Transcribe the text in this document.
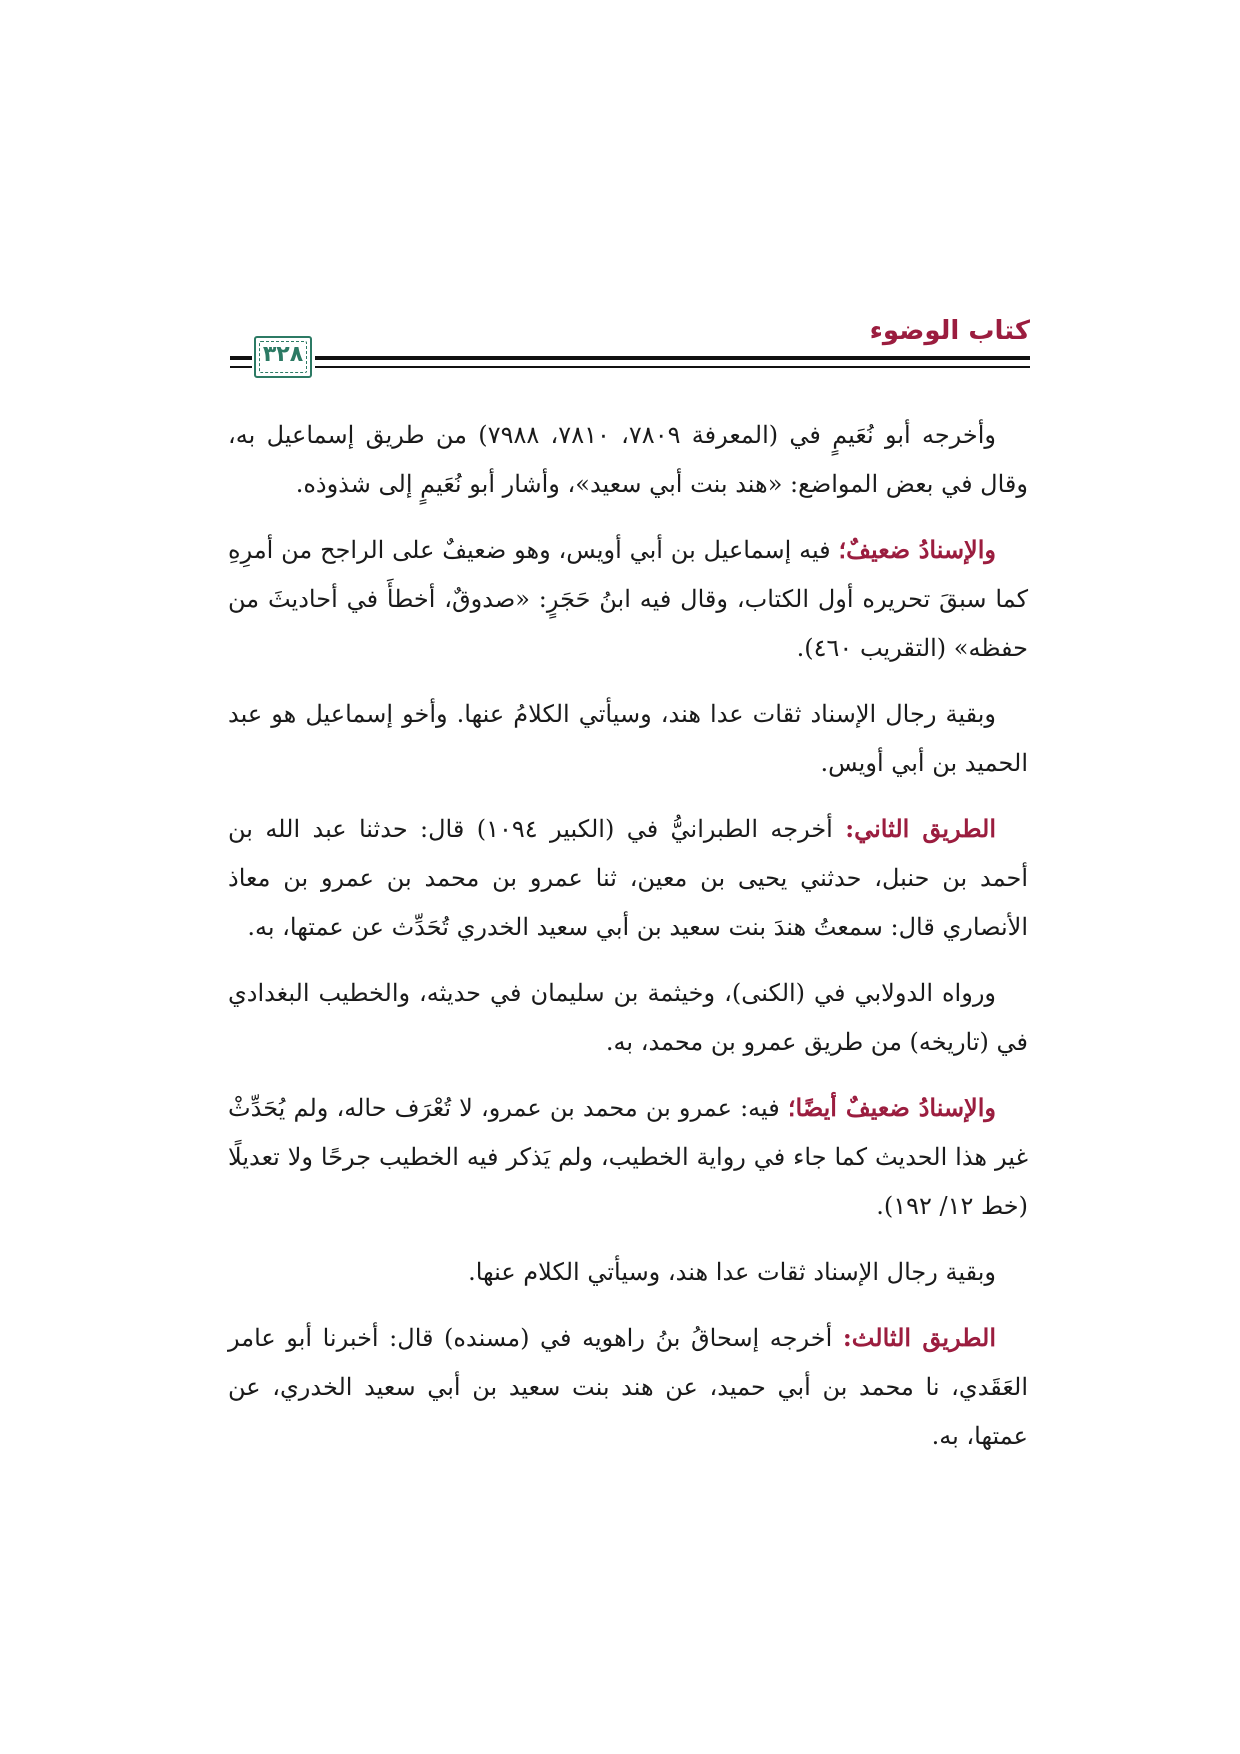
كتاب الوضوء
٣٢٨

وأخرجه أبو نُعَيمٍ في (المعرفة ٧٨٠٩، ٧٨١٠، ٧٩٨٨) من طريق إسماعيل به، وقال في بعض المواضع: «هند بنت أبي سعيد»، وأشار أبو نُعَيمٍ إلى شذوذه.

والإسنادُ ضعيفٌ؛ فيه إسماعيل بن أبي أويس، وهو ضعيفٌ على الراجح من أمرِهِ كما سبقَ تحريره أول الكتاب، وقال فيه ابنُ حَجَرٍ: «صدوقٌ، أخطأَ في أحاديثَ من حفظه» (التقريب ٤٦٠).

وبقية رجال الإسناد ثقات عدا هند، وسيأتي الكلامُ عنها. وأخو إسماعيل هو عبد الحميد بن أبي أويس.

الطريق الثاني: أخرجه الطبرانيُّ في (الكبير ١٠٩٤) قال: حدثنا عبد الله بن أحمد بن حنبل، حدثني يحيى بن معين، ثنا عمرو بن محمد بن عمرو بن معاذ الأنصاري قال: سمعتُ هندَ بنت سعيد بن أبي سعيد الخدري تُحَدِّث عن عمتها، به.

ورواه الدولابي في (الكنى)، وخيثمة بن سليمان في حديثه، والخطيب البغدادي في (تاريخه) من طريق عمرو بن محمد، به.

والإسنادُ ضعيفٌ أيضًا؛ فيه: عمرو بن محمد بن عمرو، لا تُعْرَف حاله، ولم يُحَدِّثْ غير هذا الحديث كما جاء في رواية الخطيب، ولم يَذكر فيه الخطيب جرحًا ولا تعديلًا (خط ١٢/ ١٩٢).

وبقية رجال الإسناد ثقات عدا هند، وسيأتي الكلام عنها.

الطريق الثالث: أخرجه إسحاقُ بنُ راهويه في (مسنده) قال: أخبرنا أبو عامر العَقَدي، نا محمد بن أبي حميد، عن هند بنت سعيد بن أبي سعيد الخدري، عن عمتها، به.
